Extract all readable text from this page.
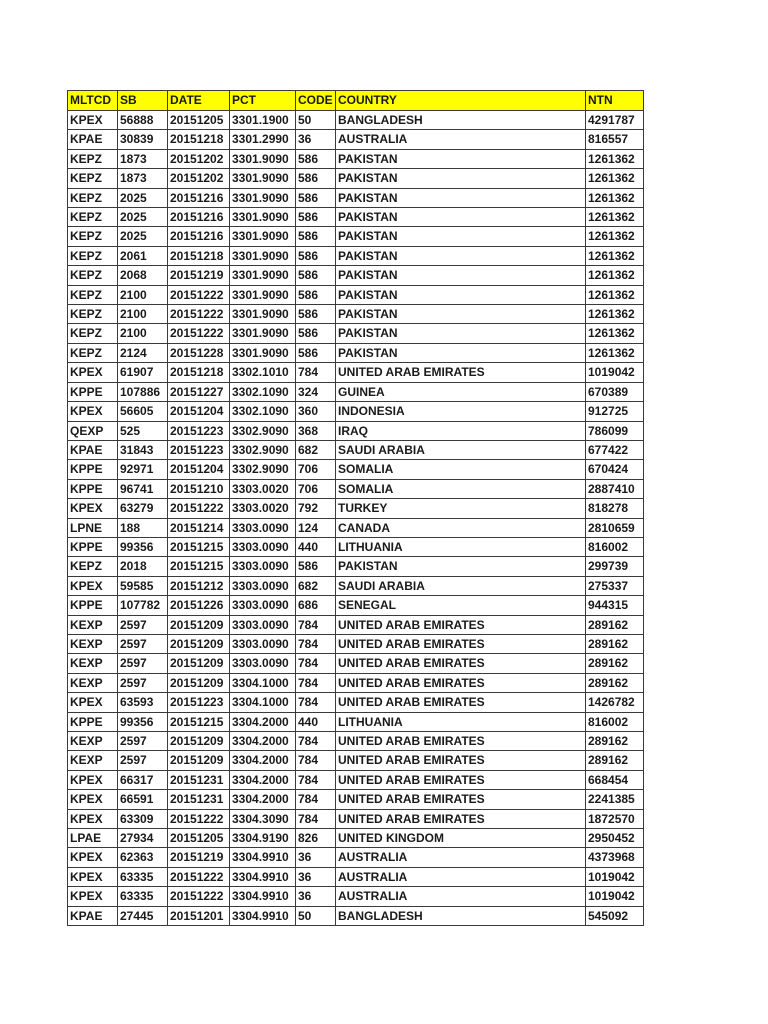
MLTCD	SB	DATE	PCT	CODE	COUNTRY	NTN
KPEX	56888	20151205	3301.1900	50	BANGLADESH	4291787
KPAE	30839	20151218	3301.2990	36	AUSTRALIA	816557
KEPZ	1873	20151202	3301.9090	586	PAKISTAN	1261362
KEPZ	1873	20151202	3301.9090	586	PAKISTAN	1261362
KEPZ	2025	20151216	3301.9090	586	PAKISTAN	1261362
KEPZ	2025	20151216	3301.9090	586	PAKISTAN	1261362
KEPZ	2025	20151216	3301.9090	586	PAKISTAN	1261362
KEPZ	2061	20151218	3301.9090	586	PAKISTAN	1261362
KEPZ	2068	20151219	3301.9090	586	PAKISTAN	1261362
KEPZ	2100	20151222	3301.9090	586	PAKISTAN	1261362
KEPZ	2100	20151222	3301.9090	586	PAKISTAN	1261362
KEPZ	2100	20151222	3301.9090	586	PAKISTAN	1261362
KEPZ	2124	20151228	3301.9090	586	PAKISTAN	1261362
KPEX	61907	20151218	3302.1010	784	UNITED ARAB EMIRATES	1019042
KPPE	107886	20151227	3302.1090	324	GUINEA	670389
KPEX	56605	20151204	3302.1090	360	INDONESIA	912725
QEXP	525	20151223	3302.9090	368	IRAQ	786099
KPAE	31843	20151223	3302.9090	682	SAUDI ARABIA	677422
KPPE	92971	20151204	3302.9090	706	SOMALIA	670424
KPPE	96741	20151210	3303.0020	706	SOMALIA	2887410
KPEX	63279	20151222	3303.0020	792	TURKEY	818278
LPNE	188	20151214	3303.0090	124	CANADA	2810659
KPPE	99356	20151215	3303.0090	440	LITHUANIA	816002
KEPZ	2018	20151215	3303.0090	586	PAKISTAN	299739
KPEX	59585	20151212	3303.0090	682	SAUDI ARABIA	275337
KPPE	107782	20151226	3303.0090	686	SENEGAL	944315
KEXP	2597	20151209	3303.0090	784	UNITED ARAB EMIRATES	289162
KEXP	2597	20151209	3303.0090	784	UNITED ARAB EMIRATES	289162
KEXP	2597	20151209	3303.0090	784	UNITED ARAB EMIRATES	289162
KEXP	2597	20151209	3304.1000	784	UNITED ARAB EMIRATES	289162
KPEX	63593	20151223	3304.1000	784	UNITED ARAB EMIRATES	1426782
KPPE	99356	20151215	3304.2000	440	LITHUANIA	816002
KEXP	2597	20151209	3304.2000	784	UNITED ARAB EMIRATES	289162
KEXP	2597	20151209	3304.2000	784	UNITED ARAB EMIRATES	289162
KPEX	66317	20151231	3304.2000	784	UNITED ARAB EMIRATES	668454
KPEX	66591	20151231	3304.2000	784	UNITED ARAB EMIRATES	2241385
KPEX	63309	20151222	3304.3090	784	UNITED ARAB EMIRATES	1872570
LPAE	27934	20151205	3304.9190	826	UNITED KINGDOM	2950452
KPEX	62363	20151219	3304.9910	36	AUSTRALIA	4373968
KPEX	63335	20151222	3304.9910	36	AUSTRALIA	1019042
KPEX	63335	20151222	3304.9910	36	AUSTRALIA	1019042
KPAE	27445	20151201	3304.9910	50	BANGLADESH	545092
